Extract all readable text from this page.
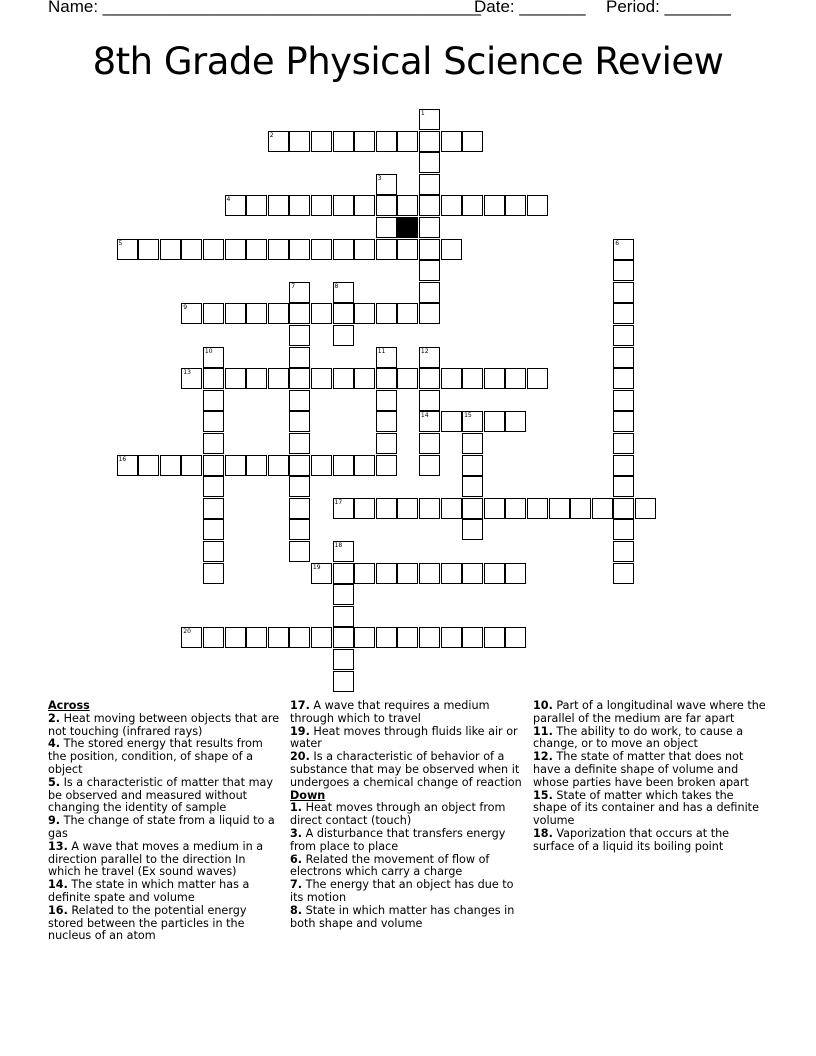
Name: ________________________________________
Date: _______ Period: _______
8th Grade Physical Science Review
2
4
5
9
13
14	15
16
17
19
20
1
3
6
7	8
10	11	12
18

Across

2. Heat moving between objects that are not touching (infrared rays)

4. The stored energy that results from the position, condition, of shape of a object

5. Is a characteristic of matter that may be observed and measured without changing the identity of sample

9. The change of state from a liquid to a gas

13. A wave that moves a medium in a direction parallel to the direction In which he travel (Ex sound waves)

14. The state in which matter has a definite spate and volume

16. Related to the potential energy stored between the particles in the nucleus of an atom

17. A wave that requires a medium through which to travel

19. Heat moves through fluids like air or water

20. Is a characteristic of behavior of a substance that may be observed when it undergoes a chemical change of reaction

Down

1. Heat moves through an object from direct contact (touch)

3. A disturbance that transfers energy from place to place

6. Related the movement of flow of electrons which carry a charge

7. The energy that an object has due to its motion

8. State in which matter has changes in both shape and volume

10. Part of a longitudinal wave where the parallel of the medium are far apart

11. The ability to do work, to cause a change, or to move an object

12. The state of matter that does not have a definite shape of volume and whose parties have been broken apart

15. State of matter which takes the shape of its container and has a definite volume

18. Vaporization that occurs at the surface of a liquid its boiling point
